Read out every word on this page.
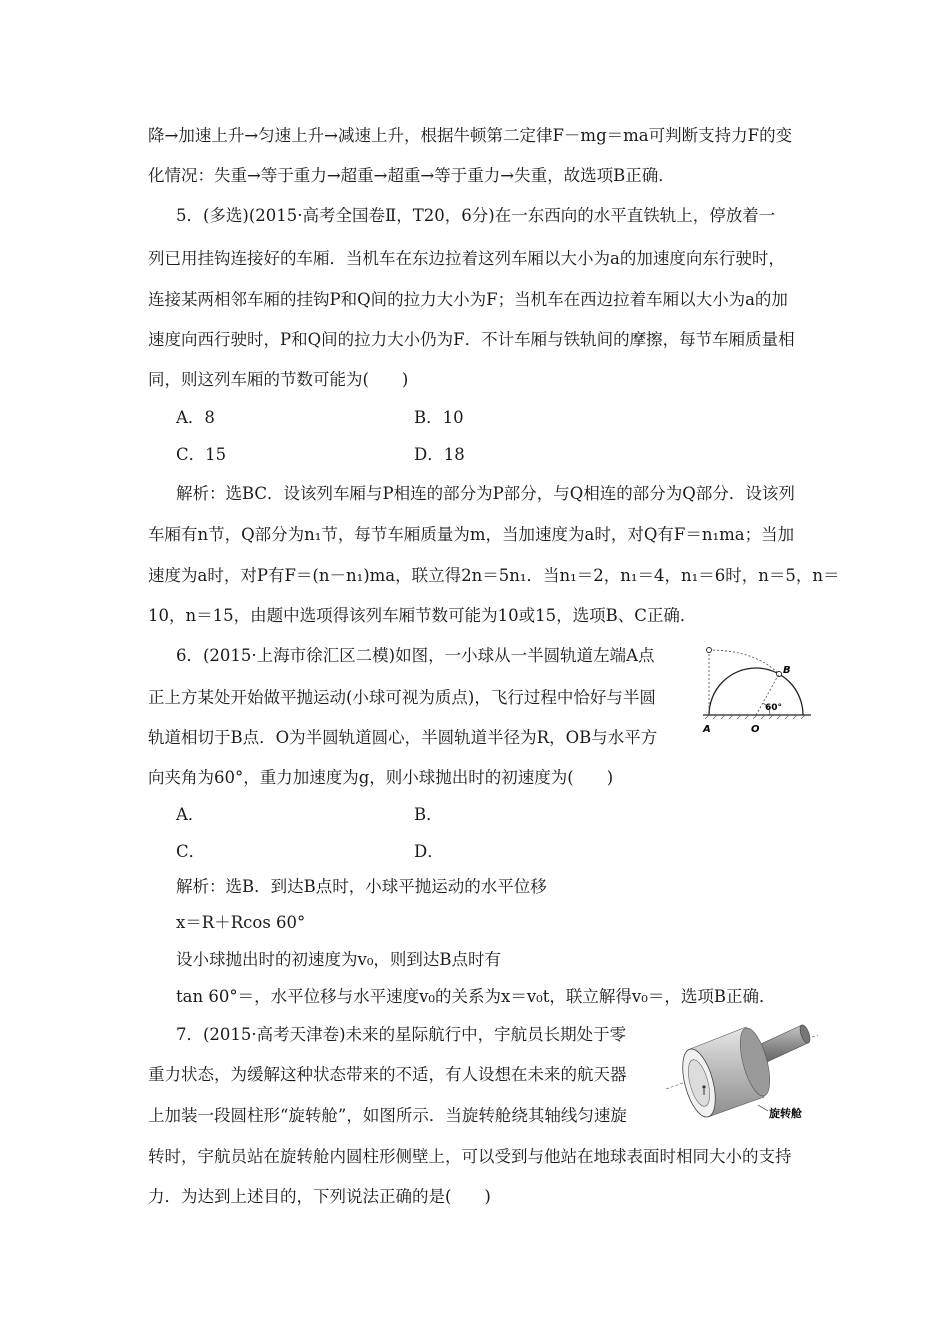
降→加速上升→匀速上升→减速上升，根据牛顿第二定律F－mg＝ma可判断支持力F的变
化情况：失重→等于重力→超重→超重→等于重力→失重，故选项B正确．
5．(多选)(2015·高考全国卷Ⅱ，T20，6分)在一东西向的水平直铁轨上，停放着一
列已用挂钩连接好的车厢．当机车在东边拉着这列车厢以大小为a的加速度向东行驶时，
连接某两相邻车厢的挂钩P和Q间的拉力大小为F；当机车在西边拉着车厢以大小为a的加
速度向西行驶时，P和Q间的拉力大小仍为F．不计车厢与铁轨间的摩擦，每节车厢质量相
同，则这列车厢的节数可能为(　　)
A．8	B．10
C．15	D．18
解析：选BC．设该列车厢与P相连的部分为P部分，与Q相连的部分为Q部分．设该列
车厢有n节，Q部分为n₁节，每节车厢质量为m，当加速度为a时，对Q有F＝n₁ma；当加
速度为a时，对P有F＝(n－n₁)ma，联立得2n＝5n₁．当n₁＝2，n₁＝4，n₁＝6时，n＝5，n＝
10，n＝15，由题中选项得该列车厢节数可能为10或15，选项B、C正确．
6．(2015·上海市徐汇区二模)如图，一小球从一半圆轨道左端A点
正上方某处开始做平抛运动(小球可视为质点)，飞行过程中恰好与半圆
轨道相切于B点．O为半圆轨道圆心，半圆轨道半径为R，OB与水平方
向夹角为60°，重力加速度为g，则小球抛出时的初速度为(　　)
A．	B．
C．	D．
解析：选B．到达B点时，小球平抛运动的水平位移
x＝R＋Rcos 60°
设小球抛出时的初速度为v₀，则到达B点时有
tan 60°＝，水平位移与水平速度v₀的关系为x＝v₀t，联立解得v₀＝，选项B正确．
B
60°
A	O
7．(2015·高考天津卷)未来的星际航行中，宇航员长期处于零
重力状态，为缓解这种状态带来的不适，有人设想在未来的航天器
上加装一段圆柱形“旋转舱”，如图所示．当旋转舱绕其轴线匀速旋
转时，宇航员站在旋转舱内圆柱形侧壁上，可以受到与他站在地球表面时相同大小的支持
力．为达到上述目的，下列说法正确的是(　　)
旋转舱
